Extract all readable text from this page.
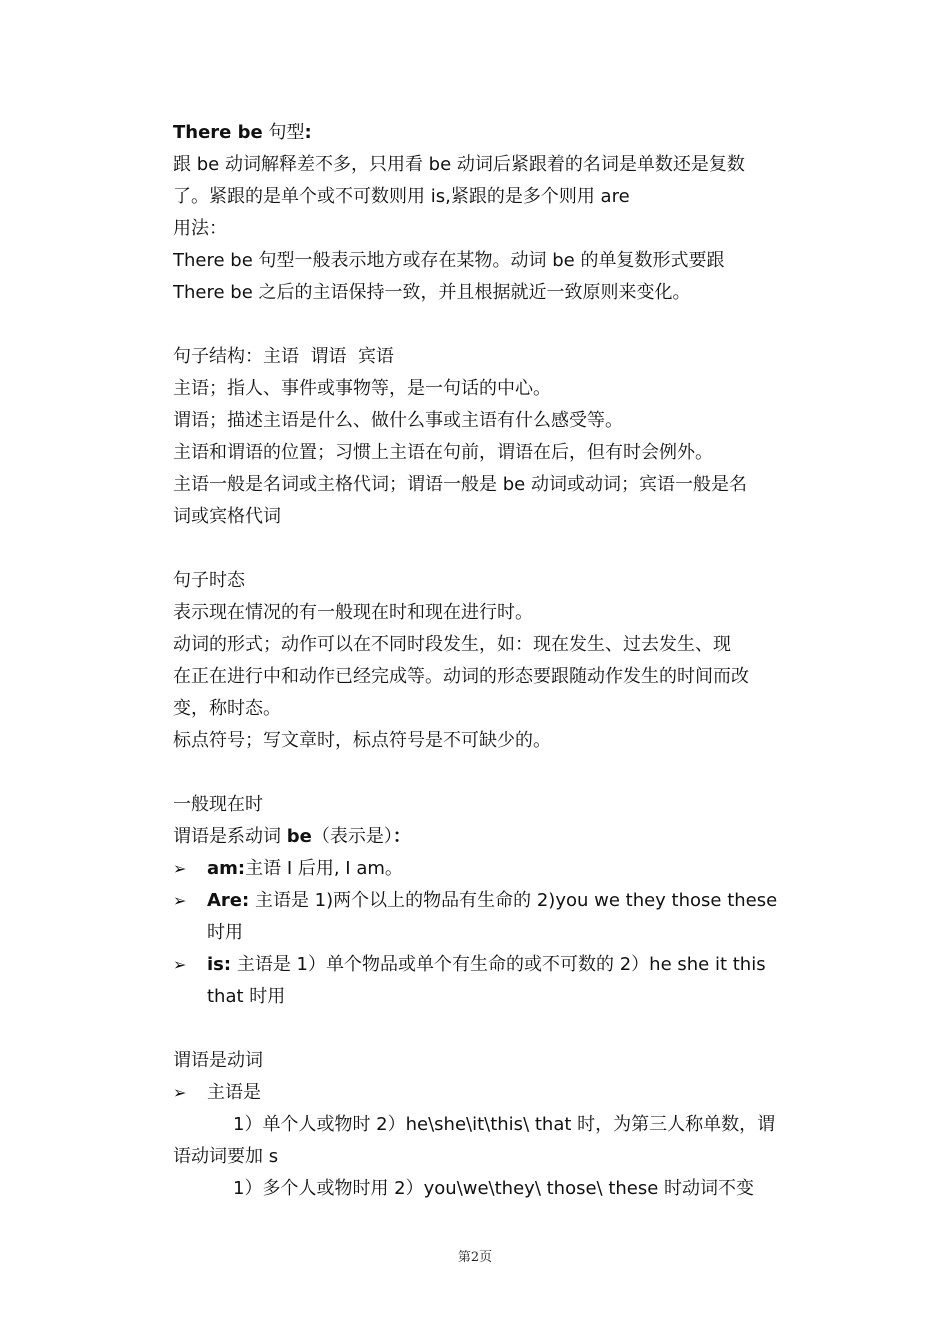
There be 句型:
跟 be 动词解释差不多，只用看 be 动词后紧跟着的名词是单数还是复数
了。紧跟的是单个或不可数则用 is,紧跟的是多个则用 are
用法：
There be 句型一般表示地方或存在某物。动词 be 的单复数形式要跟
There be 之后的主语保持一致，并且根据就近一致原则来变化。
句子结构：主语  谓语  宾语
主语；指人、事件或事物等，是一句话的中心。
谓语；描述主语是什么、做什么事或主语有什么感受等。
主语和谓语的位置；习惯上主语在句前，谓语在后，但有时会例外。
主语一般是名词或主格代词；谓语一般是 be 动词或动词；宾语一般是名
词或宾格代词
句子时态
表示现在情况的有一般现在时和现在进行时。
动词的形式；动作可以在不同时段发生，如：现在发生、过去发生、现
在正在进行中和动作已经完成等。动词的形态要跟随动作发生的时间而改
变，称时态。
标点符号；写文章时，标点符号是不可缺少的。
一般现在时
谓语是系动词 be（表示是）：
➢ am:主语 I 后用, I am。
➢ Are: 主语是 1)两个以上的物品有生命的 2)you we they those these
时用
➢ is: 主语是 1）单个物品或单个有生命的或不可数的 2）he she it this
that 时用
谓语是动词
➢ 主语是
1）单个人或物时 2）he\she\it\this\ that 时，为第三人称单数，谓
语动词要加 s
1）多个人或物时用 2）you\we\they\ those\ these 时动词不变
第2页
